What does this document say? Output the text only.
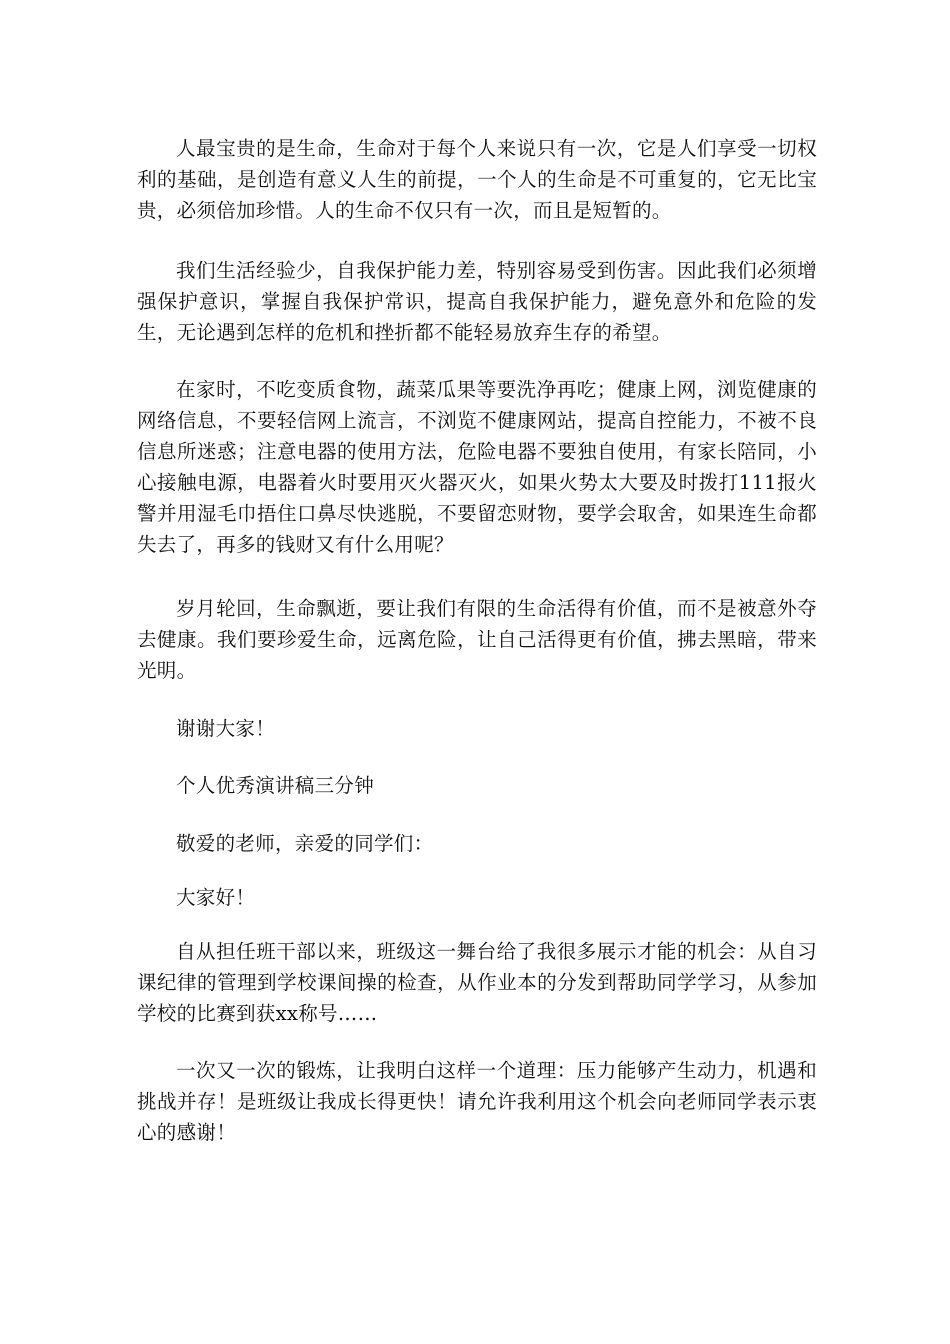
人最宝贵的是生命，生命对于每个人来说只有一次，它是人们享受一切权利的基础，是创造有意义人生的前提，一个人的生命是不可重复的，它无比宝贵，必须倍加珍惜。人的生命不仅只有一次，而且是短暂的。

我们生活经验少，自我保护能力差，特别容易受到伤害。因此我们必须增强保护意识，掌握自我保护常识，提高自我保护能力，避免意外和危险的发生，无论遇到怎样的危机和挫折都不能轻易放弃生存的希望。

在家时，不吃变质食物，蔬菜瓜果等要洗净再吃；健康上网，浏览健康的网络信息，不要轻信网上流言，不浏览不健康网站，提高自控能力，不被不良信息所迷惑；注意电器的使用方法，危险电器不要独自使用，有家长陪同，小心接触电源，电器着火时要用灭火器灭火，如果火势太大要及时拨打111报火警并用湿毛巾捂住口鼻尽快逃脱，不要留恋财物，要学会取舍，如果连生命都失去了，再多的钱财又有什么用呢？

岁月轮回，生命飘逝，要让我们有限的生命活得有价值，而不是被意外夺去健康。我们要珍爱生命，远离危险，让自己活得更有价值，拂去黑暗，带来光明。

谢谢大家！

个人优秀演讲稿三分钟

敬爱的老师，亲爱的同学们：

大家好！

自从担任班干部以来，班级这一舞台给了我很多展示才能的机会：从自习课纪律的管理到学校课间操的检查，从作业本的分发到帮助同学学习，从参加学校的比赛到获xx称号……

一次又一次的锻炼，让我明白这样一个道理：压力能够产生动力，机遇和挑战并存！是班级让我成长得更快！请允许我利用这个机会向老师同学表示衷心的感谢！
